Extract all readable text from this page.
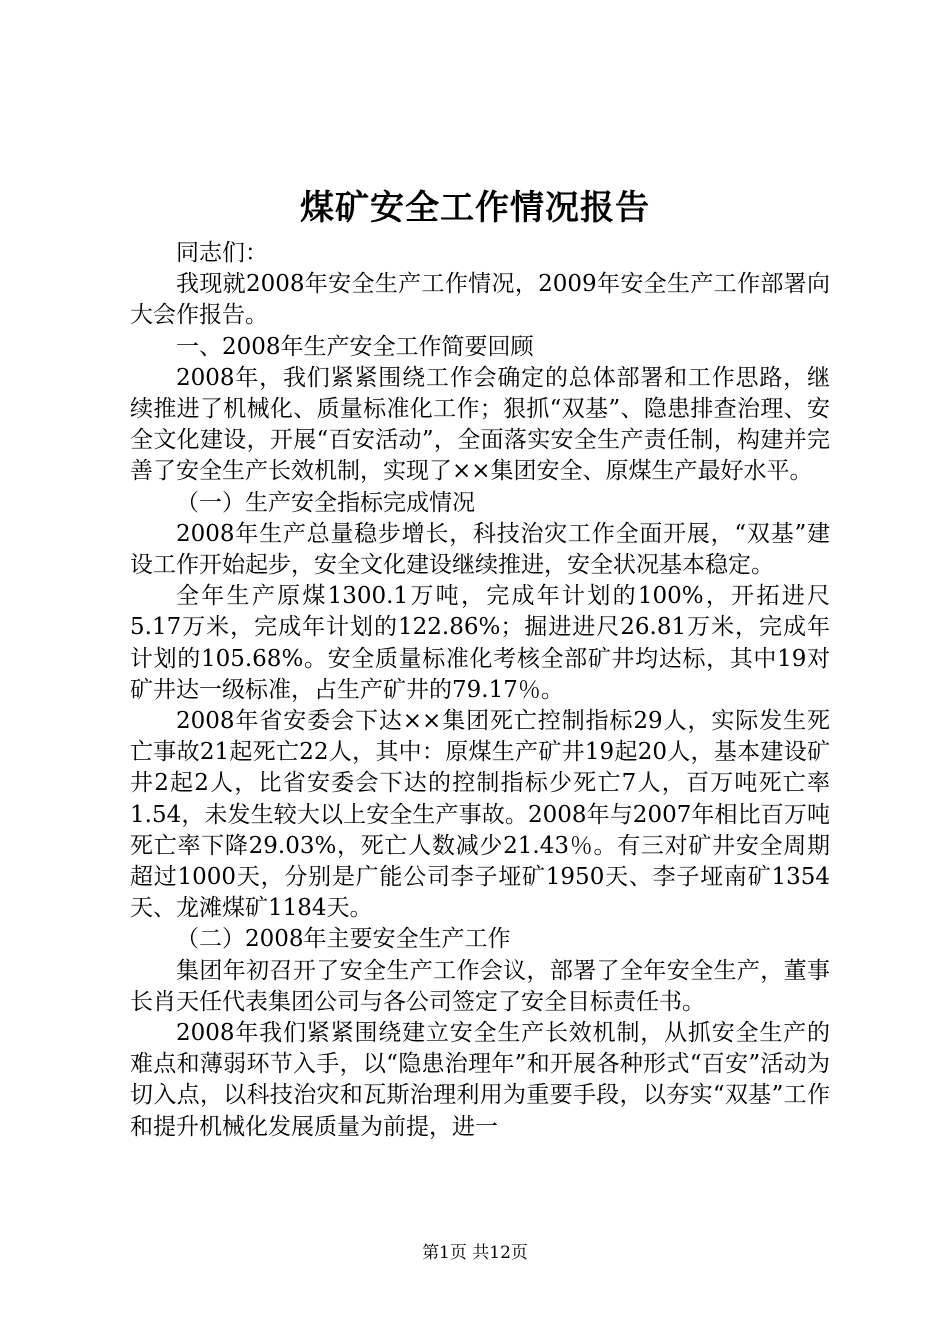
煤矿安全工作情况报告

同志们：

我现就2008年安全生产工作情况，2009年安全生产工作部署向大会作报告。

一、2008年生产安全工作简要回顾

2008年，我们紧紧围绕工作会确定的总体部署和工作思路，继续推进了机械化、质量标准化工作；狠抓“双基”、隐患排查治理、安全文化建设，开展“百安活动”，全面落实安全生产责任制，构建并完善了安全生产长效机制，实现了××集团安全、原煤生产最好水平。

（一）生产安全指标完成情况

2008年生产总量稳步增长，科技治灾工作全面开展，“双基”建设工作开始起步，安全文化建设继续推进，安全状况基本稳定。

全年生产原煤1300.1万吨，完成年计划的100%，开拓进尺5.17万米，完成年计划的122.86%；掘进进尺26.81万米，完成年计划的105.68%。安全质量标准化考核全部矿井均达标，其中19对矿井达一级标准，占生产矿井的79.17％。

2008年省安委会下达××集团死亡控制指标29人，实际发生死亡事故21起死亡22人，其中：原煤生产矿井19起20人，基本建设矿井2起2人，比省安委会下达的控制指标少死亡7人，百万吨死亡率1.54，未发生较大以上安全生产事故。2008年与2007年相比百万吨死亡率下降29.03%，死亡人数减少21.43％。有三对矿井安全周期超过1000天，分别是广能公司李子垭矿1950天、李子垭南矿1354天、龙滩煤矿1184天。

（二）2008年主要安全生产工作

集团年初召开了安全生产工作会议，部署了全年安全生产，董事长肖天任代表集团公司与各公司签定了安全目标责任书。

2008年我们紧紧围绕建立安全生产长效机制，从抓安全生产的难点和薄弱环节入手，以“隐患治理年”和开展各种形式“百安”活动为切入点，以科技治灾和瓦斯治理利用为重要手段，以夯实“双基”工作和提升机械化发展质量为前提，进一

第1页 共12页
